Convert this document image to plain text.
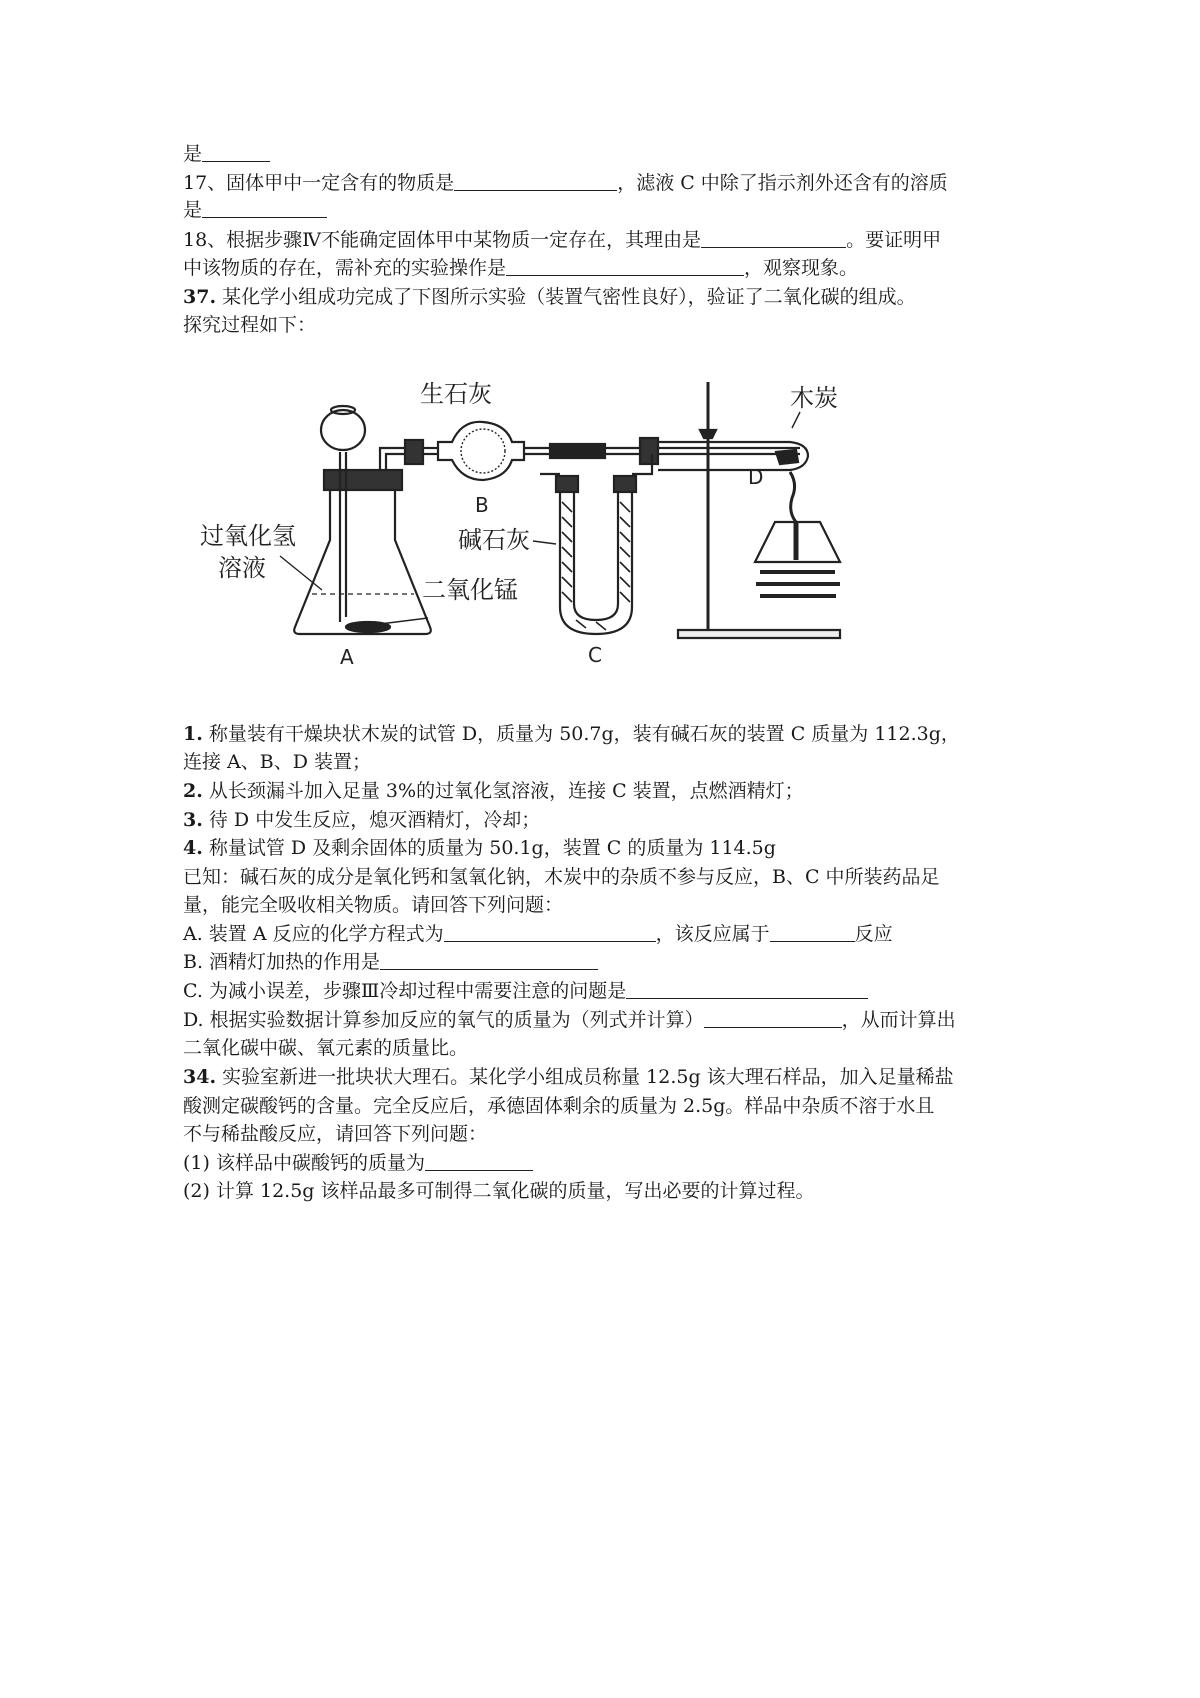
是
17、固体甲中一定含有的物质是	，滤液 C 中除了指示剂外还含有的溶质
是
18、根据步骤Ⅳ不能确定固体甲中某物质一定存在，其理由是	。要证明甲
中该物质的存在，需补充的实验操作是	，观察现象。
37. 某化学小组成功完成了下图所示实验（装置气密性良好），验证了二氧化碳的组成。
探究过程如下：
生石灰	木炭
B
D
过氧化氢
溶液
碱石灰
二氧化锰
A	C
1. 称量装有干燥块状木炭的试管 D，质量为 50.7g，装有碱石灰的装置 C 质量为 112.3g，
连接 A、B、D 装置；
2. 从长颈漏斗加入足量 3%的过氧化氢溶液，连接 C 装置，点燃酒精灯；
3. 待 D 中发生反应，熄灭酒精灯，冷却；
4. 称量试管 D 及剩余固体的质量为 50.1g，装置 C 的质量为 114.5g
已知：碱石灰的成分是氧化钙和氢氧化钠，木炭中的杂质不参与反应，B、C 中所装药品足
量，能完全吸收相关物质。请回答下列问题：
A. 装置 A 反应的化学方程式为	，该反应属于	反应
B. 酒精灯加热的作用是
C. 为减小误差，步骤Ⅲ冷却过程中需要注意的问题是
D. 根据实验数据计算参加反应的氧气的质量为（列式并计算）	，从而计算出
二氧化碳中碳、氧元素的质量比。
34. 实验室新进一批块状大理石。某化学小组成员称量 12.5g 该大理石样品，加入足量稀盐
酸测定碳酸钙的含量。完全反应后，承德固体剩余的质量为 2.5g。样品中杂质不溶于水且
不与稀盐酸反应，请回答下列问题：
(1) 该样品中碳酸钙的质量为
(2) 计算 12.5g 该样品最多可制得二氧化碳的质量，写出必要的计算过程。
